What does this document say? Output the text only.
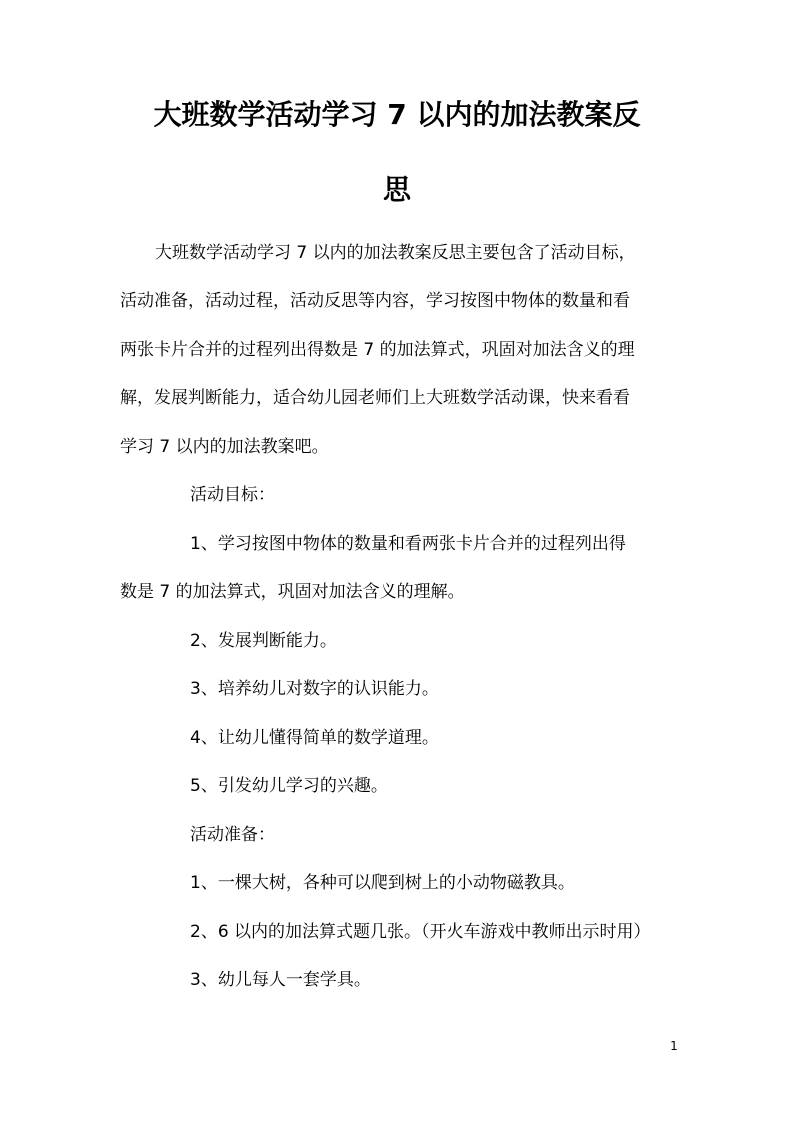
大班数学活动学习 7 以内的加法教案反
思

大班数学活动学习 7 以内的加法教案反思主要包含了活动目标，

活动准备，活动过程，活动反思等内容，学习按图中物体的数量和看

两张卡片合并的过程列出得数是 7 的加法算式，巩固对加法含义的理

解，发展判断能力，适合幼儿园老师们上大班数学活动课，快来看看

学习 7 以内的加法教案吧。

活动目标：

1、学习按图中物体的数量和看两张卡片合并的过程列出得

数是 7 的加法算式，巩固对加法含义的理解。

2、发展判断能力。

3、培养幼儿对数字的认识能力。

4、让幼儿懂得简单的数学道理。

5、引发幼儿学习的兴趣。

活动准备：

1、一棵大树，各种可以爬到树上的小动物磁教具。

2、6 以内的加法算式题几张。（开火车游戏中教师出示时用）

3、幼儿每人一套学具。

1
